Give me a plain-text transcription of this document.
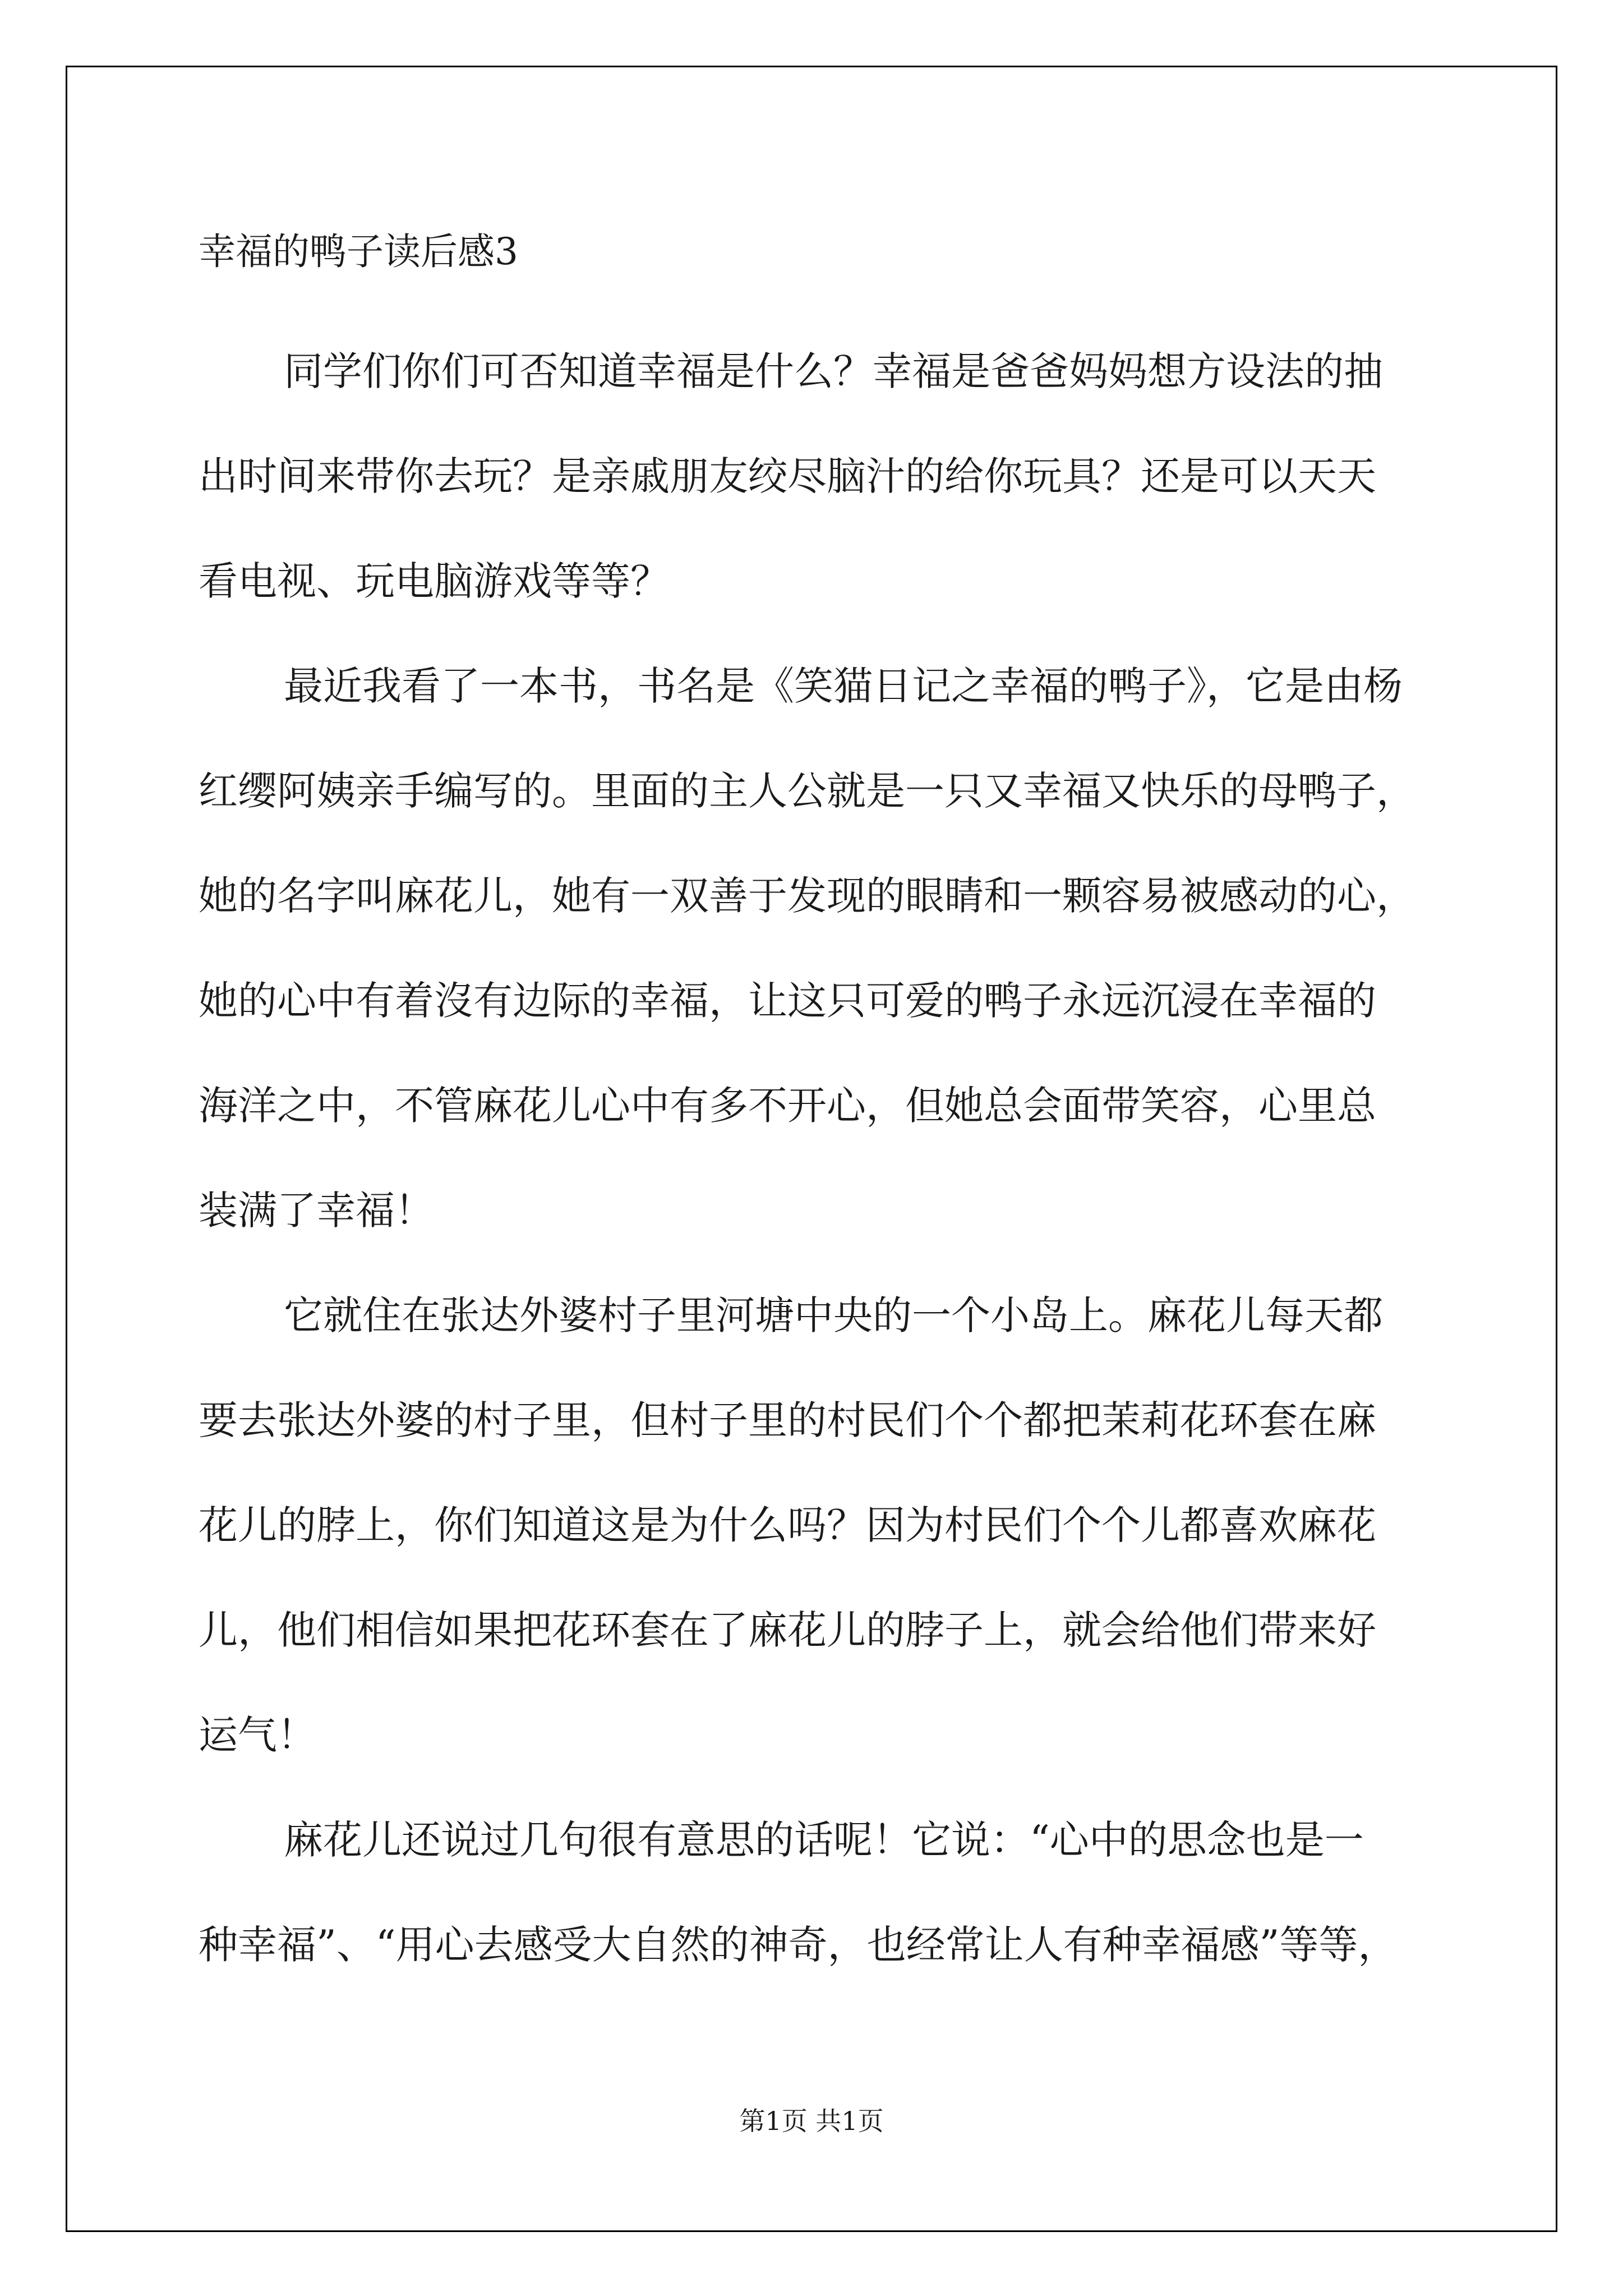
幸福的鸭子读后感3

同学们你们可否知道幸福是什么？幸福是爸爸妈妈想方设法的抽

出时间来带你去玩？是亲戚朋友绞尽脑汁的给你玩具？还是可以天天

看电视、玩电脑游戏等等？

最近我看了一本书，书名是《笑猫日记之幸福的鸭子》，它是由杨

红缨阿姨亲手编写的。里面的主人公就是一只又幸福又快乐的母鸭子，

她的名字叫麻花儿，她有一双善于发现的眼睛和一颗容易被感动的心，

她的心中有着沒有边际的幸福，让这只可爱的鸭子永远沉浸在幸福的

海洋之中，不管麻花儿心中有多不开心，但她总会面带笑容，心里总

装满了幸福！

它就住在张达外婆村子里河塘中央的一个小岛上。麻花儿每天都

要去张达外婆的村子里，但村子里的村民们个个都把茉莉花环套在麻

花儿的脖上，你们知道这是为什么吗？因为村民们个个儿都喜欢麻花

儿，他们相信如果把花环套在了麻花儿的脖子上，就会给他们带来好

运气！

麻花儿还说过几句很有意思的话呢！它说：“心中的思念也是一

种幸福”、“用心去感受大自然的神奇，也经常让人有种幸福感”等等，

第1页 共1页
